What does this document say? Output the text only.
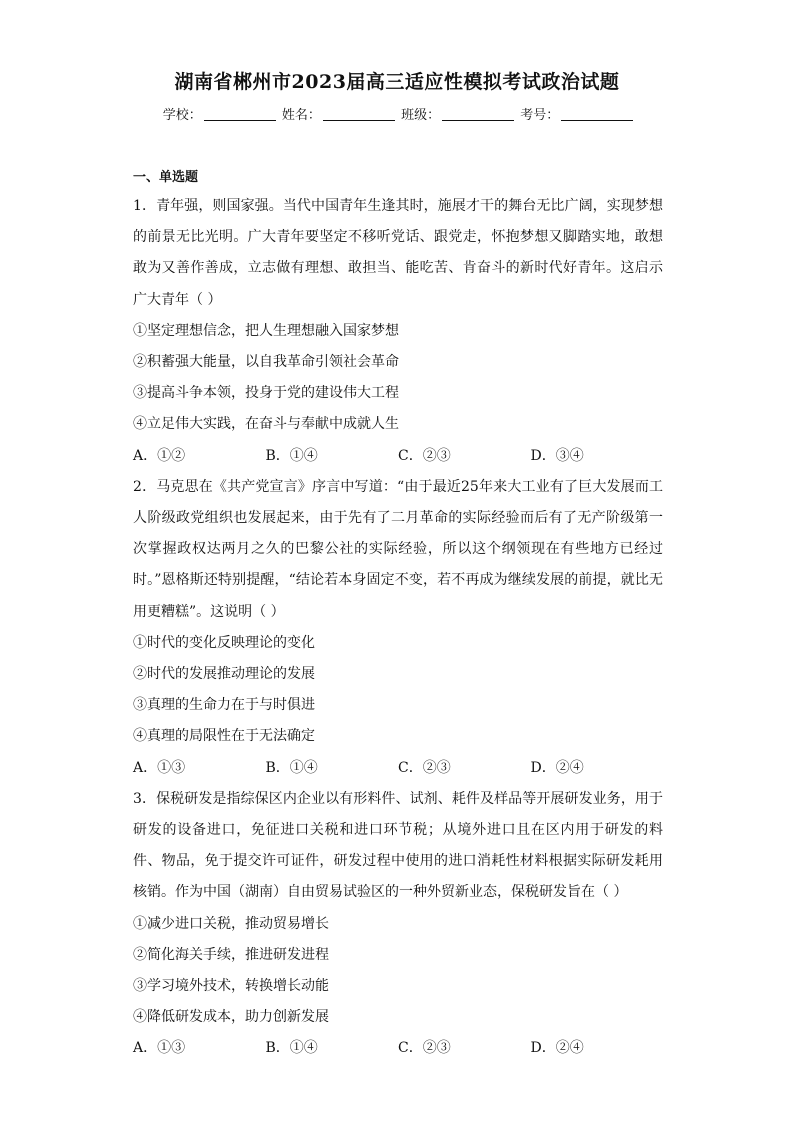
湖南省郴州市2023届高三适应性模拟考试政治试题
学校：	姓名：	班级：	考号：
一、单选题
1．青年强，则国家强。当代中国青年生逢其时，施展才干的舞台无比广阔，实现梦想的前景无比光明。广大青年要坚定不移听党话、跟党走，怀抱梦想又脚踏实地，敢想敢为又善作善成，立志做有理想、敢担当、能吃苦、肯奋斗的新时代好青年。这启示广大青年（ ）
①坚定理想信念，把人生理想融入国家梦想
②积蓄强大能量，以自我革命引领社会革命
③提高斗争本领，投身于党的建设伟大工程
④立足伟大实践，在奋斗与奉献中成就人生
A．①②	B．①④	C．②③	D．③④
2．马克思在《共产党宣言》序言中写道：“由于最近25年来大工业有了巨大发展而工人阶级政党组织也发展起来，由于先有了二月革命的实际经验而后有了无产阶级第一次掌握政权达两月之久的巴黎公社的实际经验，所以这个纲领现在有些地方已经过时。”恩格斯还特别提醒，“结论若本身固定不变，若不再成为继续发展的前提，就比无用更糟糕”。这说明（ ）
①时代的变化反映理论的变化
②时代的发展推动理论的发展
③真理的生命力在于与时俱进
④真理的局限性在于无法确定
A．①③	B．①④	C．②③	D．②④
3．保税研发是指综保区内企业以有形料件、试剂、耗件及样品等开展研发业务，用于研发的设备进口，免征进口关税和进口环节税；从境外进口且在区内用于研发的料件、物品，免于提交许可证件，研发过程中使用的进口消耗性材料根据实际研发耗用核销。作为中国（湖南）自由贸易试验区的一种外贸新业态，保税研发旨在（ ）
①减少进口关税，推动贸易增长
②简化海关手续，推进研发进程
③学习境外技术，转换增长动能
④降低研发成本，助力创新发展
A．①③	B．①④	C．②③	D．②④
